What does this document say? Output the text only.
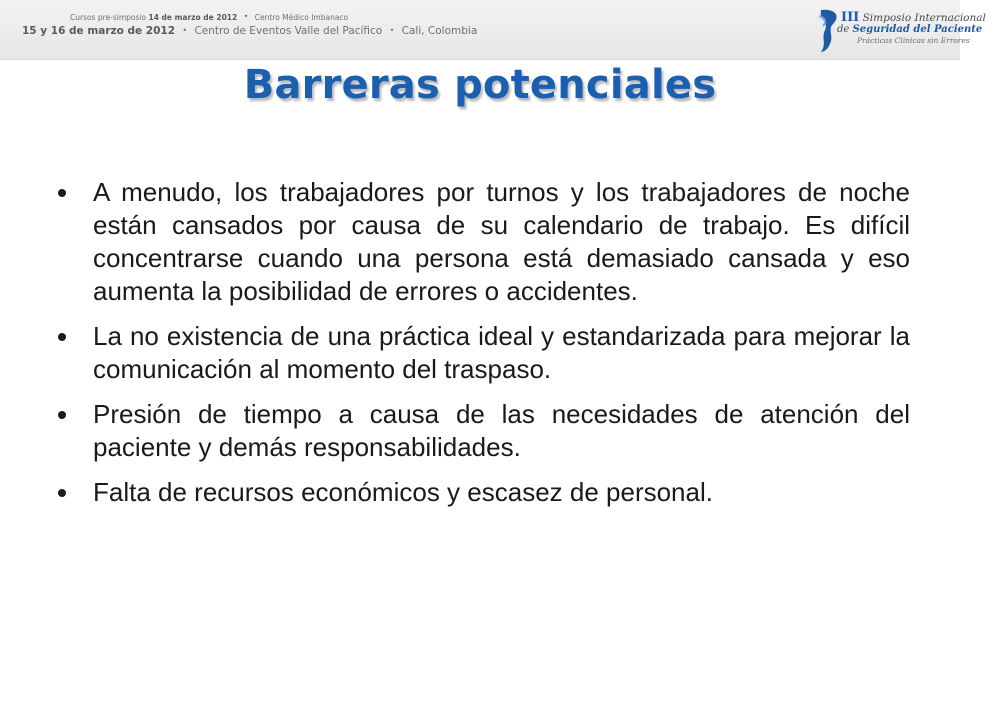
Cursos pre-simposio 14 de marzo de 2012 • Centro Médico Imbanaco
15 y 16 de marzo de 2012 • Centro de Eventos Valle del Pacífico • Cali, Colombia
III Simposio Internacional
de Seguridad del Paciente
Prácticas Clínicas sin Errores
Barreras potenciales
A menudo, los trabajadores por turnos y los trabajadores de noche están cansados por causa de su calendario de trabajo. Es difícil concentrarse cuando una persona está demasiado cansada y eso aumenta la posibilidad de errores o accidentes.
La no existencia de una práctica ideal y estandarizada para mejorar la comunicación al momento del traspaso.
Presión de tiempo a causa de las necesidades de atención del paciente y demás responsabilidades.
Falta de recursos económicos y escasez de personal.
